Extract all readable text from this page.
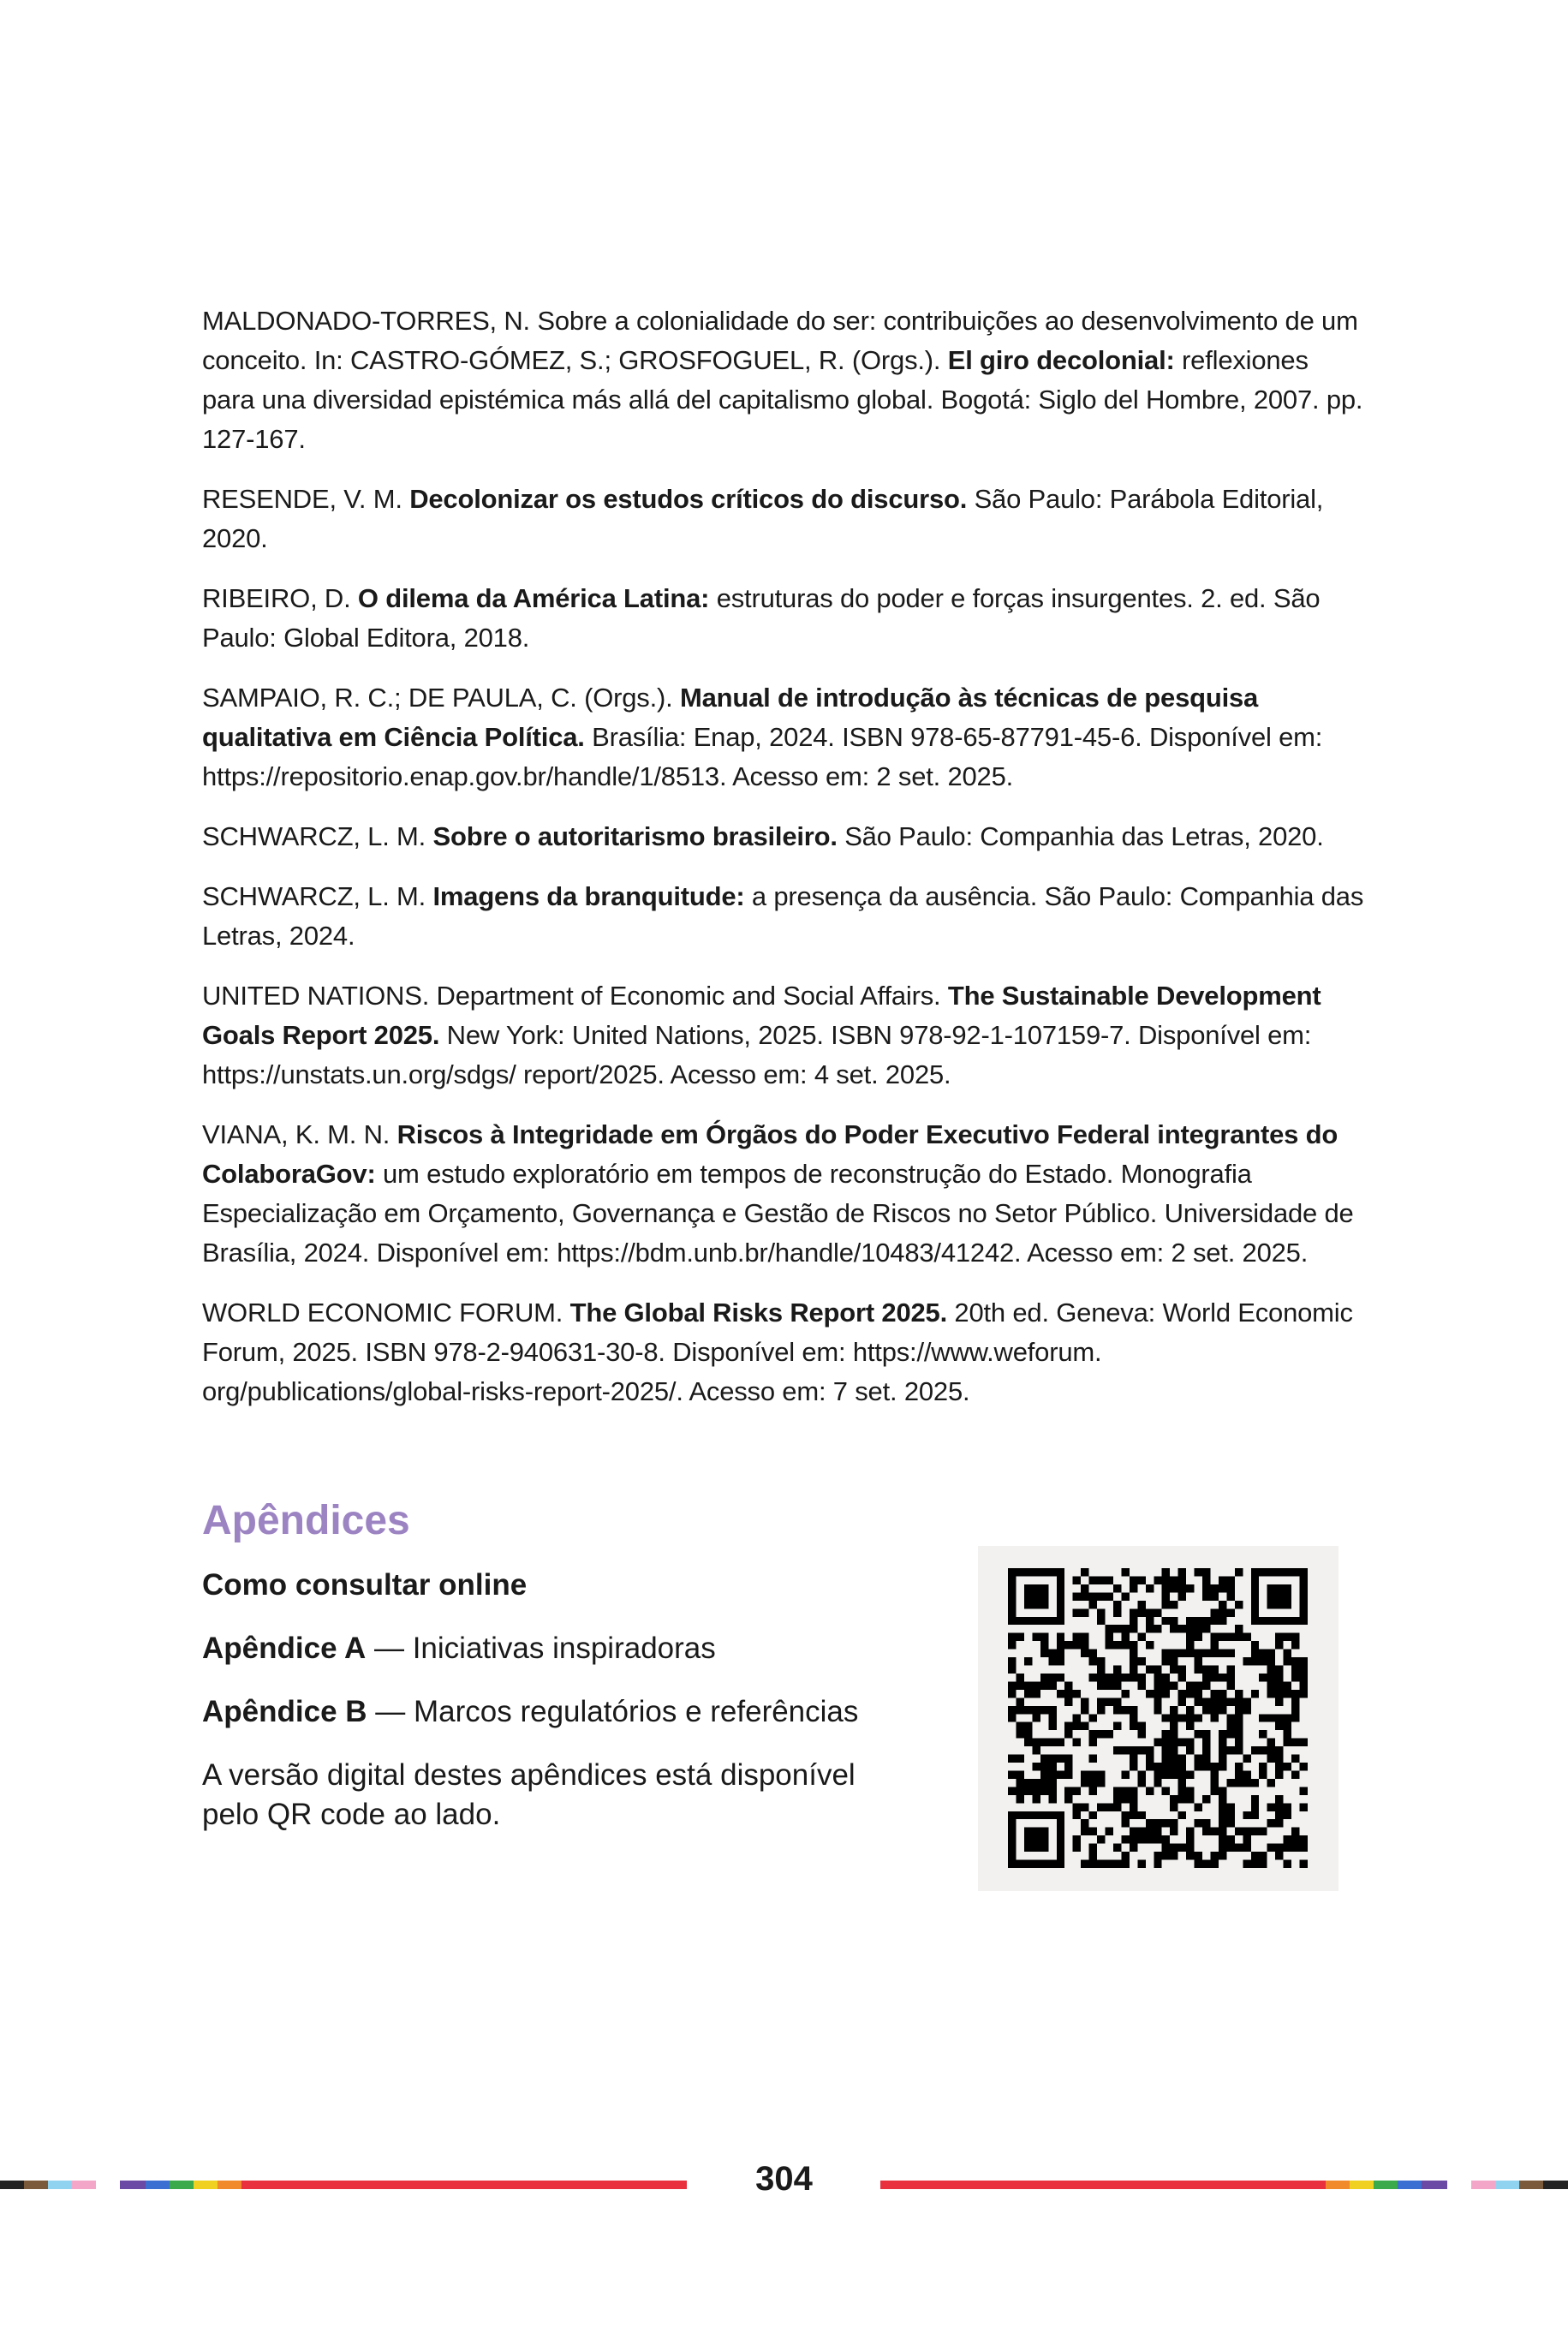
MALDONADO-TORRES, N. Sobre a colonialidade do ser: contribuições ao desenvolvimento de um conceito. In: CASTRO-GÓMEZ, S.; GROSFOGUEL, R. (Orgs.). El giro decolonial: reflexiones para una diversidad epistémica más allá del capitalismo global. Bogotá: Siglo del Hombre, 2007. pp. 127-167.

RESENDE, V. M. Decolonizar os estudos críticos do discurso. São Paulo: Parábola Editorial, 2020.

RIBEIRO, D. O dilema da América Latina: estruturas do poder e forças insurgentes. 2. ed. São Paulo: Global Editora, 2018.

SAMPAIO, R. C.; DE PAULA, C. (Orgs.). Manual de introdução às técnicas de pesquisa qualitativa em Ciência Política. Brasília: Enap, 2024. ISBN 978-65-87791-45-6. Disponível em: https://repositorio.enap.gov.br/handle/1/8513. Acesso em: 2 set. 2025.

SCHWARCZ, L. M. Sobre o autoritarismo brasileiro. São Paulo: Companhia das Letras, 2020.

SCHWARCZ, L. M. Imagens da branquitude: a presença da ausência. São Paulo: Companhia das Letras, 2024.

UNITED NATIONS. Department of Economic and Social Affairs. The Sustainable Development Goals Report 2025. New York: United Nations, 2025. ISBN 978-92-1-107159-7. Disponível em: https://unstats.un.org/sdgs/ report/2025. Acesso em: 4 set. 2025.

VIANA, K. M. N. Riscos à Integridade em Órgãos do Poder Executivo Federal integrantes do ColaboraGov: um estudo exploratório em tempos de reconstrução do Estado. Monografia Especialização em Orçamento, Governança e Gestão de Riscos no Setor Público. Universidade de Brasília, 2024. Disponível em: https://bdm.unb.br/handle/10483/41242. Acesso em: 2 set. 2025.

WORLD ECONOMIC FORUM. The Global Risks Report 2025. 20th ed. Geneva: World Economic Forum, 2025. ISBN 978-2-940631-30-8. Disponível em: https://www.weforum. org/publications/global-risks-report-2025/. Acesso em: 7 set. 2025.

Apêndices

Como consultar online

Apêndice A — Iniciativas inspiradoras

Apêndice B — Marcos regulatórios e referências

A versão digital destes apêndices está disponível pelo QR code ao lado.

304
